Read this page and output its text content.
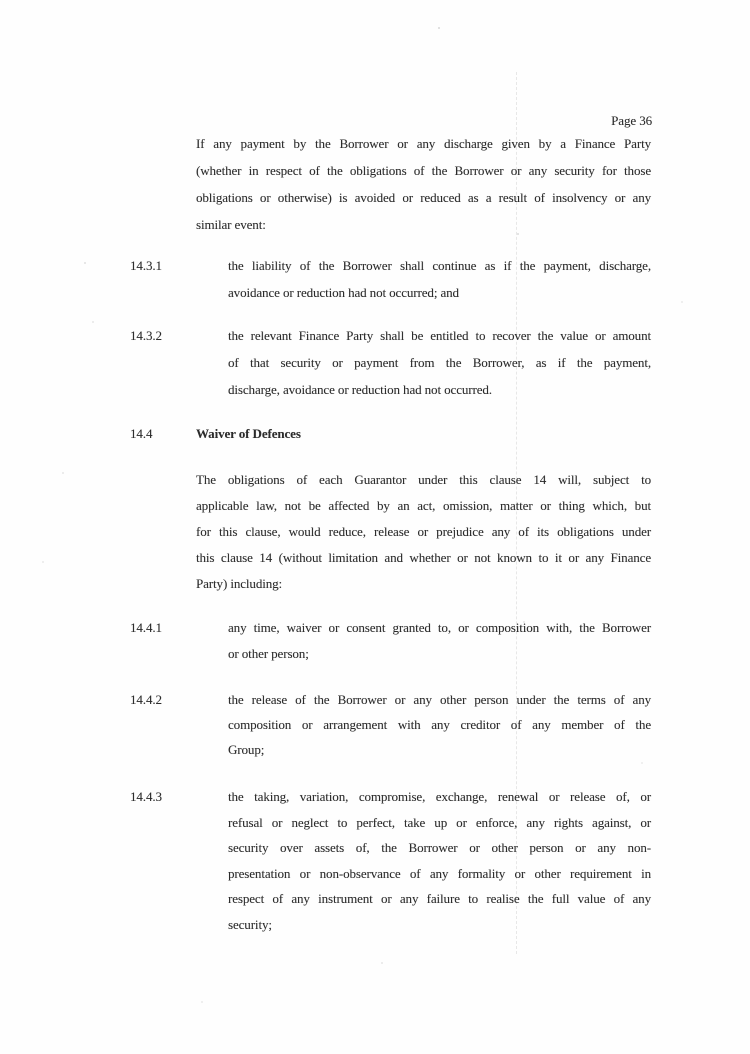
Page 36
If any payment by the Borrower or any discharge given by a Finance Party
(whether in respect of the obligations of the Borrower or any security for those
obligations or otherwise) is avoided or reduced as a result of insolvency or any
similar event:
14.3.1	the liability of the Borrower shall continue as if the payment, discharge,
avoidance or reduction had not occurred; and
14.3.2	the relevant Finance Party shall be entitled to recover the value or amount
of that security or payment from the Borrower, as if the payment,
discharge, avoidance or reduction had not occurred.
14.4	Waiver of Defences
The obligations of each Guarantor under this clause 14 will, subject to
applicable law, not be affected by an act, omission, matter or thing which, but
for this clause, would reduce, release or prejudice any of its obligations under
this clause 14 (without limitation and whether or not known to it or any Finance
Party) including:
14.4.1	any time, waiver or consent granted to, or composition with, the Borrower
or other person;
14.4.2	the release of the Borrower or any other person under the terms of any
composition or arrangement with any creditor of any member of the
Group;
14.4.3	the taking, variation, compromise, exchange, renewal or release of, or
refusal or neglect to perfect, take up or enforce, any rights against, or
security over assets of, the Borrower or other person or any non-
presentation or non-observance of any formality or other requirement in
respect of any instrument or any failure to realise the full value of any
security;
